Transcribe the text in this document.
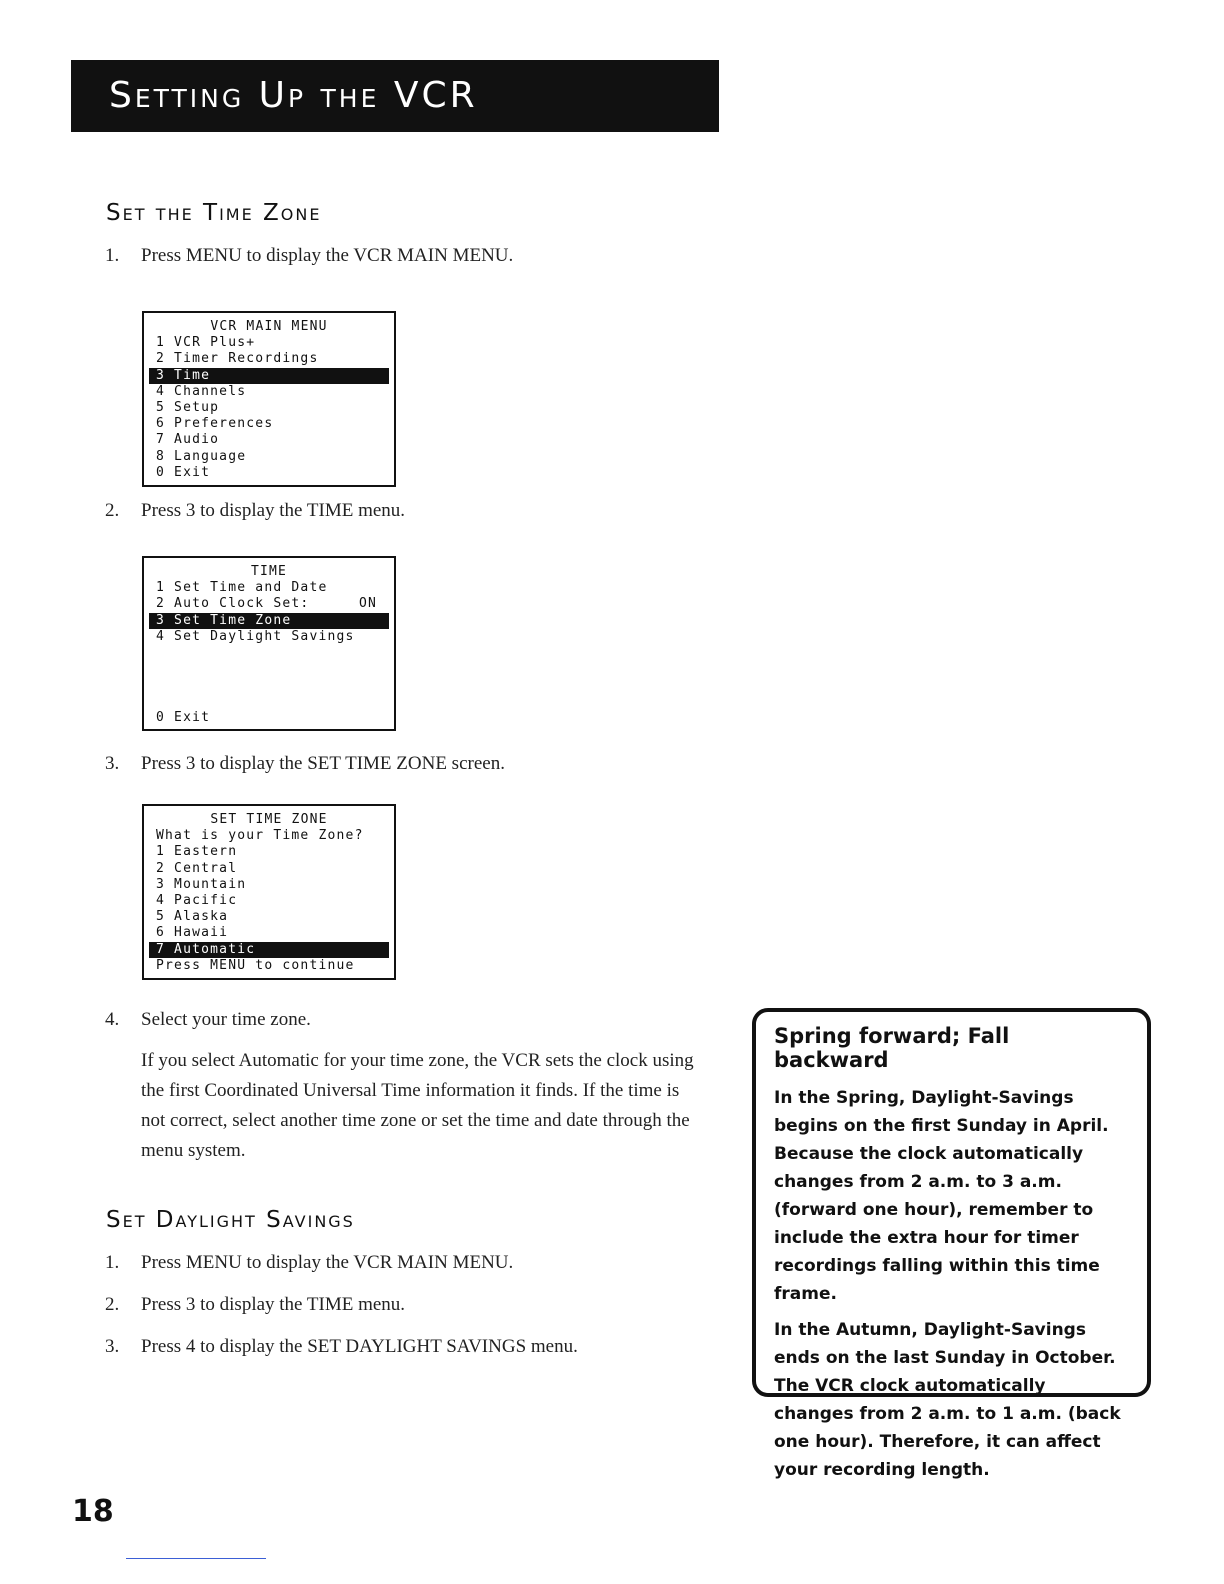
Setting Up the VCR
Set the Time Zone
1. Press MENU to display the VCR MAIN MENU.
VCR MAIN MENU
1 VCR Plus+
2 Timer Recordings
3 Time
4 Channels
5 Setup
6 Preferences
7 Audio
8 Language
0 Exit
2. Press 3 to display the TIME menu.
TIME
1 Set Time and Date
2 Auto Clock Set:	ON
3 Set Time Zone
4 Set Daylight Savings
0 Exit
3. Press 3 to display the SET TIME ZONE screen.
SET TIME ZONE
What is your Time Zone?
1 Eastern
2 Central
3 Mountain
4 Pacific
5 Alaska
6 Hawaii
7 Automatic
Press MENU to continue
4. Select your time zone.
If you select Automatic for your time zone, the VCR sets the clock using the first Coordinated Universal Time information it finds. If the time is not correct, select another time zone or set the time and date through the menu system.
Set Daylight Savings
1. Press MENU to display the VCR MAIN MENU.
2. Press 3 to display the TIME menu.
3. Press 4 to display the SET DAYLIGHT SAVINGS menu.
Spring forward; Fall backward

In the Spring, Daylight-Savings begins on the first Sunday in April. Because the clock automatically changes from 2 a.m. to 3 a.m. (forward one hour), remember to include the extra hour for timer recordings falling within this time frame.

In the Autumn, Daylight-Savings ends on the last Sunday in October. The VCR clock automatically changes from 2 a.m. to 1 a.m. (back one hour). Therefore, it can affect your recording length.

18
